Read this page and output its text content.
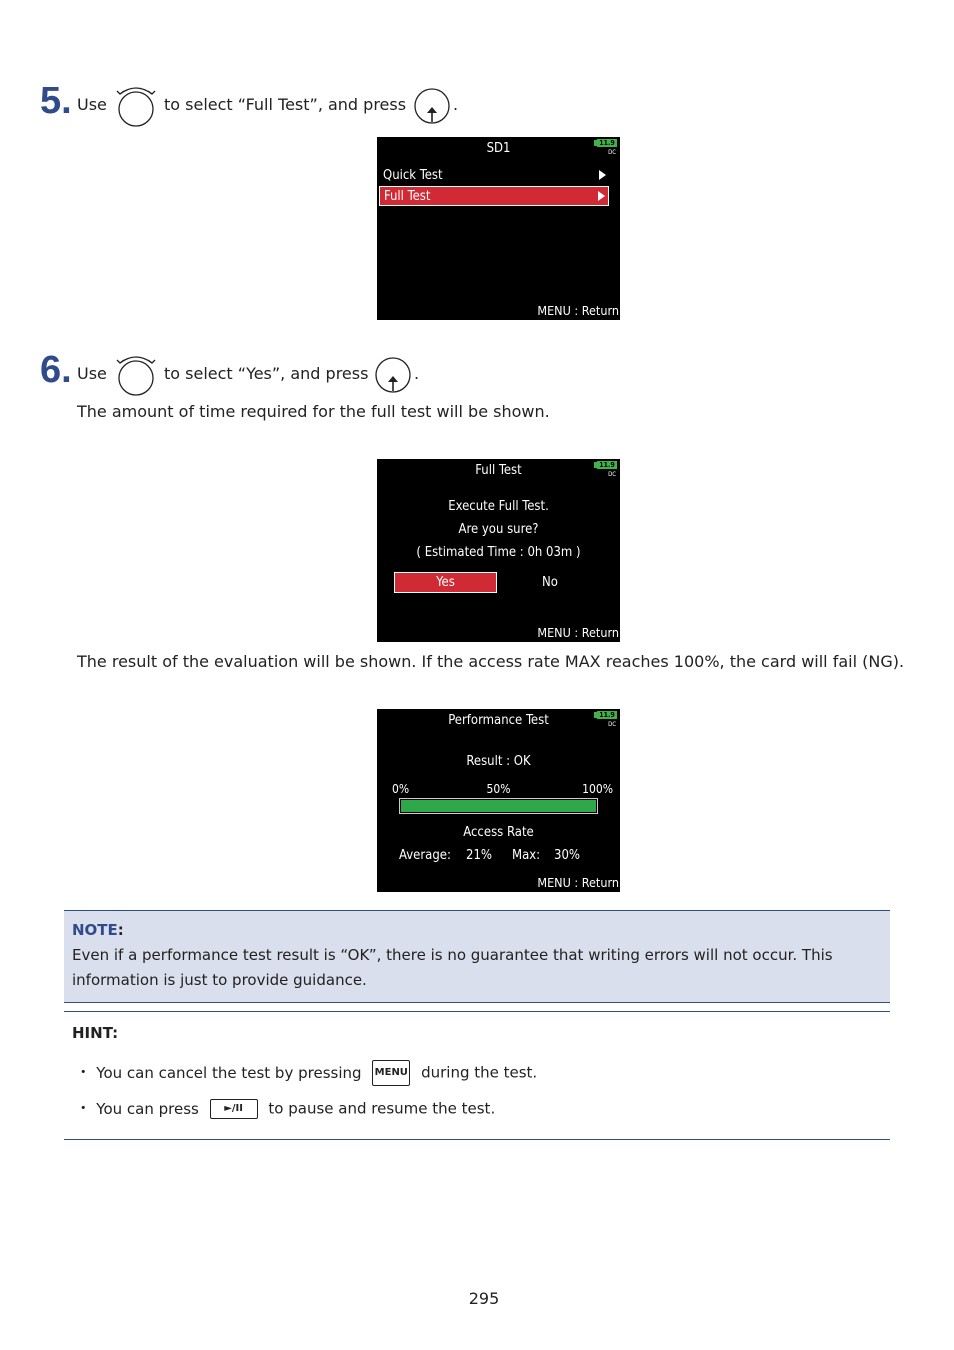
5. Use	to select “Full Test”, and press	.
SD1	11.9
DC
Quick Test
Full Test
MENU : Return
6. Use	to select “Yes”, and press	.
The amount of time required for the full test will be shown.
Full Test	11.9
DC
Execute Full Test.
Are you sure?
( Estimated Time : 0h 03m )
Yes	No
MENU : Return
The result of the evaluation will be shown. If the access rate MAX reaches 100%, the card will fail (NG).
Performance Test	11.9
DC
Result : OK
0%	50%	100%
Access Rate
Average: 21% Max: 30%
MENU : Return
NOTE:
Even if a performance test result is “OK”, there is no guarantee that writing errors will not occur. This
information is just to provide guidance.
HINT:
• You can cancel the test by pressing MENU during the test.
• You can press	►/II to pause and resume the test.
295
